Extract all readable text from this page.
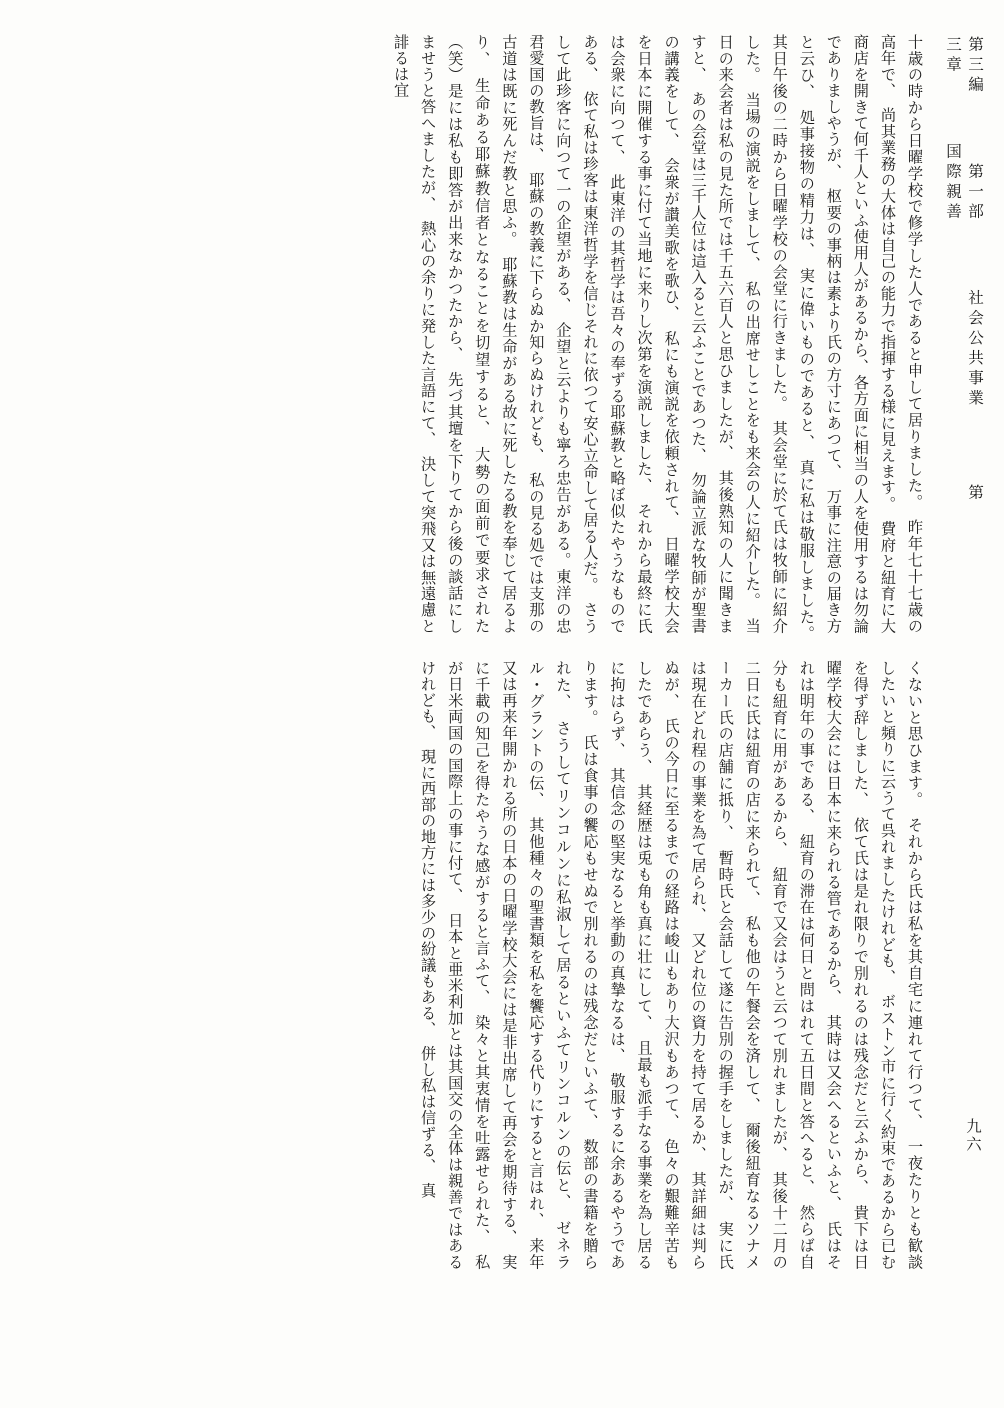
第三編  第一部  社会公共事業  第三章  国際親善
九六

十歳の時から日曜学校で修学した人であると申して居りました。　昨年七十七歳の高年で、　尚其業務の大体は自己の能力で指揮する様に見えます。　費府と紐育に大商店を開きて何千人といふ使用人があるから、各方面に相当の人を使用するは勿論でありましやうが、　枢要の事柄は素より氏の方寸にあつて、　万事に注意の届き方と云ひ、　処事接物の精力は、　実に偉いものであると、　真に私は敬服しました。　其日午後の二時から日曜学校の会堂に行きました。　其会堂に於て氏は牧師に紹介した。　当場の演説をしまして、　私の出席せしことをも来会の人に紹介した。　当日の来会者は私の見た所では千五六百人と思ひましたが、　其後熟知の人に聞きますと、　あの会堂は三千人位は這入ると云ふことであつた、　勿論立派な牧師が聖書の講義をして、　会衆が讃美歌を歌ひ、　私にも演説を依頼されて、　日曜学校大会を日本に開催する事に付て当地に来りし次第を演説しました、　それから最終に氏は会衆に向つて、　此東洋の其哲学は吾々の奉ずる耶蘇教と略ぼ似たやうなものである、　依て私は珍客は東洋哲学を信じそれに依つて安心立命して居る人だ。　さうして此珍客に向つて一の企望がある、　企望と云よりも寧ろ忠告がある。東洋の忠君愛国の教旨は、　耶蘇の教義に下らぬか知らぬけれども、　私の見る処では支那の古道は既に死んだ教と思ふ。　耶蘇教は生命がある故に死したる教を奉じて居るより、　生命ある耶蘇教信者となることを切望すると、　大勢の面前で要求された（笑）是には私も即答が出来なかつたから、　先づ其壇を下りてから後の談話にしませうと答へましたが、　熱心の余りに発した言語にて、　決して突飛又は無遠慮と誹るは宜

くないと思ひます。　それから氏は私を其自宅に連れて行つて、　一夜たりとも歓談したいと頻りに云うて呉れましたけれども、　ボストン市に行く約束であるから已むを得ず辞しました、　依て氏は是れ限りで別れるのは残念だと云ふから、　貴下は日曜学校大会には日本に来られる管であるから、　其時は又会へるといふと、　氏はそれは明年の事である、　紐育の滞在は何日と問はれて五日間と答へると、　然らば自分も紐育に用があるから、　紐育で又会はうと云つて別れましたが、　其後十二月の二日に氏は紐育の店に来られて、　私も他の午餐会を済して、　爾後紐育なるソナメーカー氏の店舗に抵り、　暫時氏と会話して遂に告別の握手をしましたが、　実に氏は現在どれ程の事業を為て居られ、　又どれ位の資力を持て居るか、　其詳細は判らぬが、　氏の今日に至るまでの経路は峻山もあり大沢もあつて、　色々の艱難辛苦もしたであらう、　其経歴は兎も角も真に壮にして、　且最も派手なる事業を為し居るに拘はらず、　其信念の堅実なると挙動の真摯なるは、　敬服するに余あるやうであります。　氏は食事の饗応もせぬで別れるのは残念だといふて、　数部の書籍を贈られた、　さうしてリンコルンに私淑して居るといふてリンコルンの伝と、　ゼネラル・グラントの伝、　其他種々の聖書類を私を饗応する代りにすると言はれ、　来年又は再来年開かれる所の日本の日曜学校大会には是非出席して再会を期待する、　実に千載の知己を得たやうな感がすると言ふて、　染々と其衷情を吐露せられた、　私が日米両国の国際上の事に付て、　日本と亜米利加とは其国交の全体は親善ではあるけれども、　現に西部の地方には多少の紛議もある、　併し私は信ずる、　真
